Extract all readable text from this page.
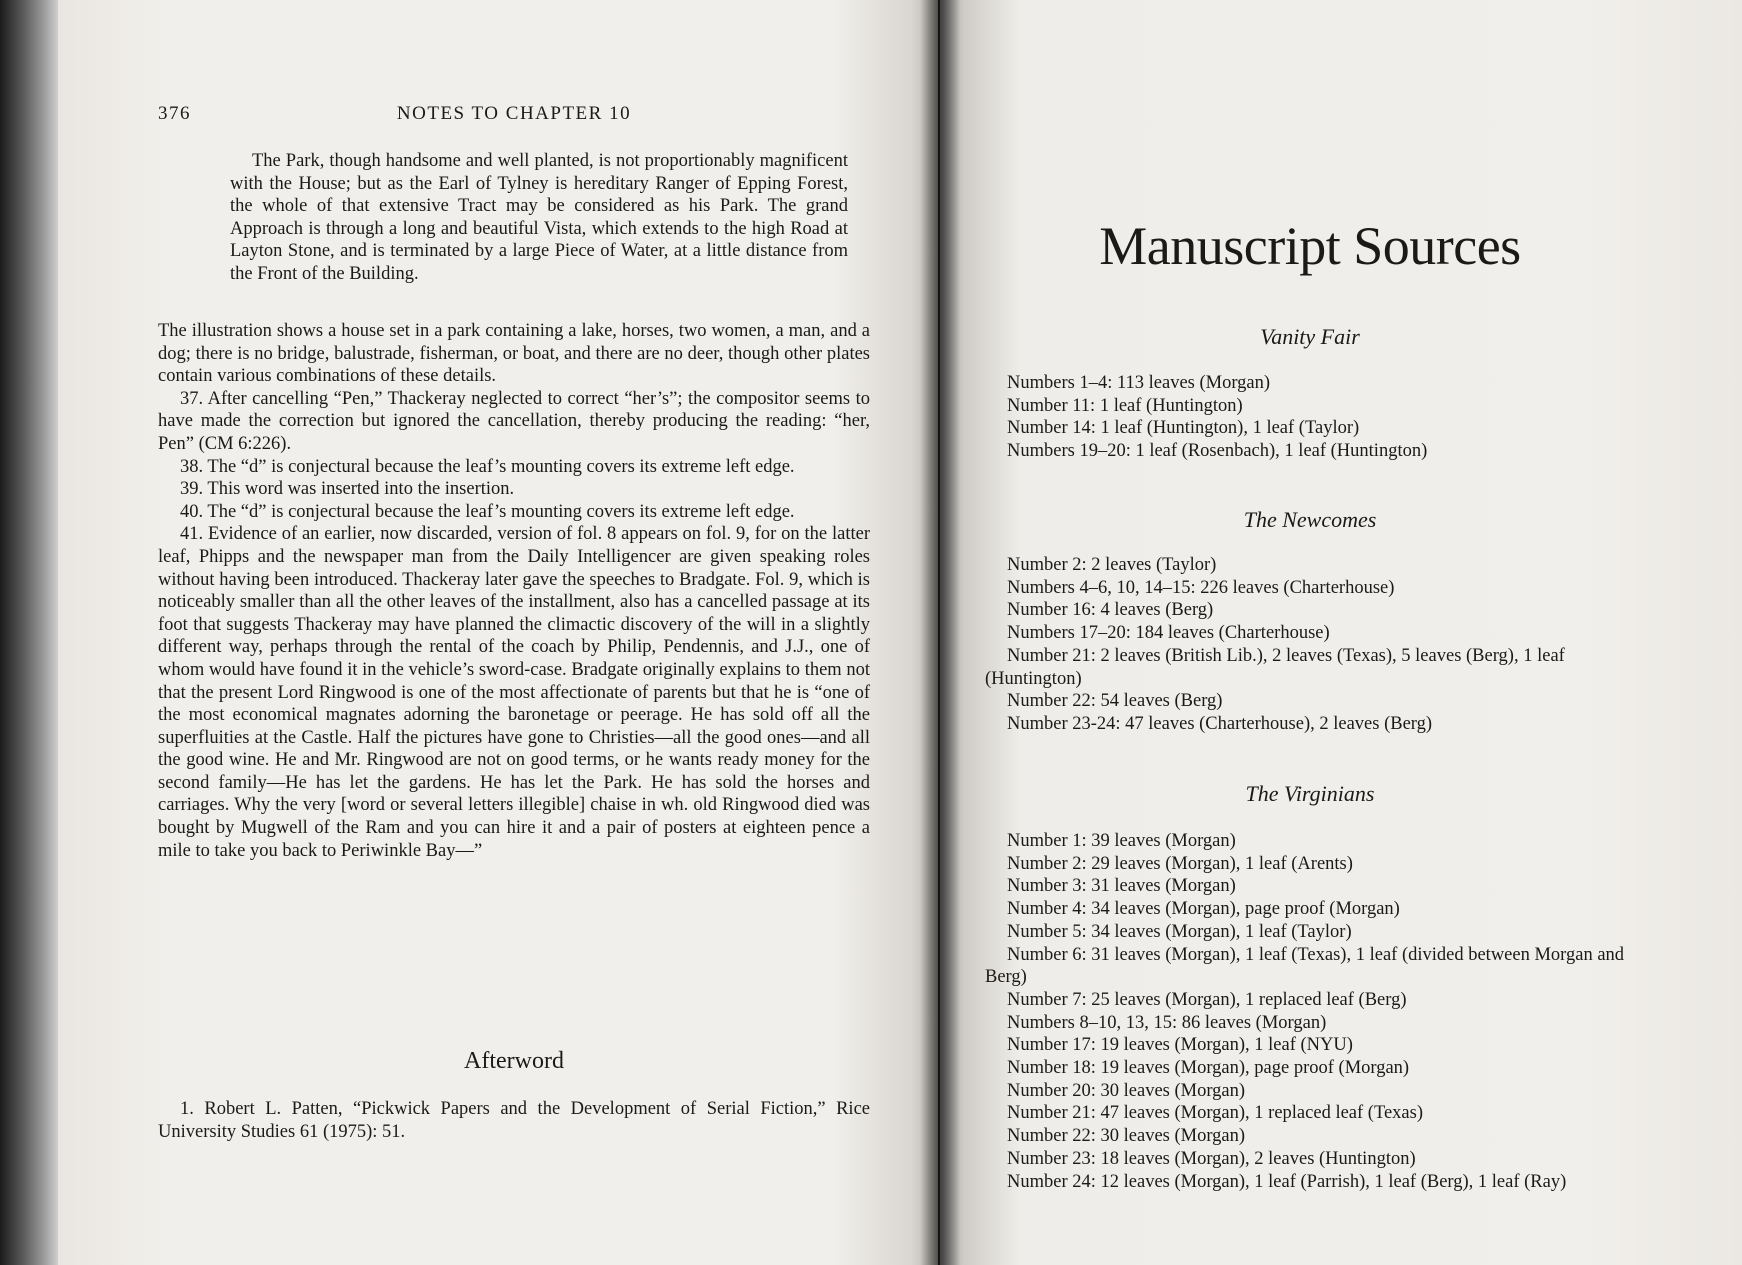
376	NOTES TO CHAPTER 10

The Park, though handsome and well planted, is not proportionably magnificent with the House; but as the Earl of Tylney is hereditary Ranger of Epping Forest, the whole of that extensive Tract may be considered as his Park. The grand Approach is through a long and beautiful Vista, which extends to the high Road at Layton Stone, and is terminated by a large Piece of Water, at a little distance from the Front of the Building.

The illustration shows a house set in a park containing a lake, horses, two women, a man, and a dog; there is no bridge, balustrade, fisherman, or boat, and there are no deer, though other plates contain various combinations of these details.

37. After cancelling “Pen,” Thackeray neglected to correct “her’s”; the compositor seems to have made the correction but ignored the cancellation, thereby producing the reading: “her, Pen” (CM 6:226).

38. The “d” is conjectural because the leaf’s mounting covers its extreme left edge.

39. This word was inserted into the insertion.

40. The “d” is conjectural because the leaf’s mounting covers its extreme left edge.

41. Evidence of an earlier, now discarded, version of fol. 8 appears on fol. 9, for on the latter leaf, Phipps and the newspaper man from the Daily Intelligencer are given speaking roles without having been introduced. Thackeray later gave the speeches to Bradgate. Fol. 9, which is noticeably smaller than all the other leaves of the installment, also has a cancelled passage at its foot that suggests Thackeray may have planned the climactic discovery of the will in a slightly different way, perhaps through the rental of the coach by Philip, Pendennis, and J.J., one of whom would have found it in the vehicle’s sword-case. Bradgate originally explains to them not that the present Lord Ringwood is one of the most affectionate of parents but that he is “one of the most economical magnates adorning the baronetage or peerage. He has sold off all the superfluities at the Castle. Half the pictures have gone to Christies—all the good ones—and all the good wine. He and Mr. Ringwood are not on good terms, or he wants ready money for the second family—He has let the gardens. He has let the Park. He has sold the horses and carriages. Why the very [word or several letters illegible] chaise in wh. old Ringwood died was bought by Mugwell of the Ram and you can hire it and a pair of posters at eighteen pence a mile to take you back to Periwinkle Bay—”

Afterword

1. Robert L. Patten, “Pickwick Papers and the Development of Serial Fiction,” Rice University Studies 61 (1975): 51.

Manuscript Sources
Vanity Fair
Numbers 1–4: 113 leaves (Morgan)
Number 11: 1 leaf (Huntington)
Number 14: 1 leaf (Huntington), 1 leaf (Taylor)
Numbers 19–20: 1 leaf (Rosenbach), 1 leaf (Huntington)
The Newcomes
Number 2: 2 leaves (Taylor)
Numbers 4–6, 10, 14–15: 226 leaves (Charterhouse)
Number 16: 4 leaves (Berg)
Numbers 17–20: 184 leaves (Charterhouse)
Number 21: 2 leaves (British Lib.), 2 leaves (Texas), 5 leaves (Berg), 1 leaf (Huntington)
Number 22: 54 leaves (Berg)
Number 23-24: 47 leaves (Charterhouse), 2 leaves (Berg)
The Virginians
Number 1: 39 leaves (Morgan)
Number 2: 29 leaves (Morgan), 1 leaf (Arents)
Number 3: 31 leaves (Morgan)
Number 4: 34 leaves (Morgan), page proof (Morgan)
Number 5: 34 leaves (Morgan), 1 leaf (Taylor)
Number 6: 31 leaves (Morgan), 1 leaf (Texas), 1 leaf (divided between Morgan and Berg)
Number 7: 25 leaves (Morgan), 1 replaced leaf (Berg)
Numbers 8–10, 13, 15: 86 leaves (Morgan)
Number 17: 19 leaves (Morgan), 1 leaf (NYU)
Number 18: 19 leaves (Morgan), page proof (Morgan)
Number 20: 30 leaves (Morgan)
Number 21: 47 leaves (Morgan), 1 replaced leaf (Texas)
Number 22: 30 leaves (Morgan)
Number 23: 18 leaves (Morgan), 2 leaves (Huntington)
Number 24: 12 leaves (Morgan), 1 leaf (Parrish), 1 leaf (Berg), 1 leaf (Ray)
